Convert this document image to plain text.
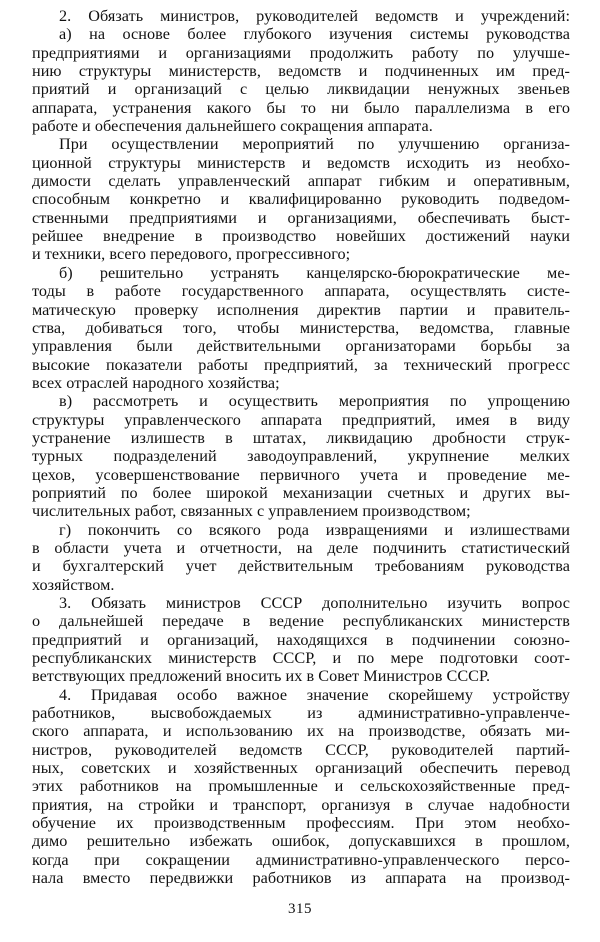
2. Обязать министров, руководителей ведомств и учреждений:
а) на основе более глубокого изучения системы руководства
предприятиями и организациями продолжить работу по улучше-
нию структуры министерств, ведомств и подчиненных им пред-
приятий и организаций с целью ликвидации ненужных звеньев
аппарата, устранения какого бы то ни было параллелизма в его
работе и обеспечения дальнейшего сокращения аппарата.
При осуществлении мероприятий по улучшению организа-
ционной структуры министерств и ведомств исходить из необхо-
димости сделать управленческий аппарат гибким и оперативным,
способным конкретно и квалифицированно руководить подведом-
ственными предприятиями и организациями, обеспечивать быст-
рейшее внедрение в производство новейших достижений науки
и техники, всего передового, прогрессивного;
б) решительно устранять канцелярско-бюрократические ме-
тоды в работе государственного аппарата, осуществлять систе-
матическую проверку исполнения директив партии и правитель-
ства, добиваться того, чтобы министерства, ведомства, главные
управления были действительными организаторами борьбы за
высокие показатели работы предприятий, за технический прогресс
всех отраслей народного хозяйства;
в) рассмотреть и осуществить мероприятия по упрощению
структуры управленческого аппарата предприятий, имея в виду
устранение излишеств в штатах, ликвидацию дробности струк-
турных подразделений заводоуправлений, укрупнение мелких
цехов, усовершенствование первичного учета и проведение ме-
роприятий по более широкой механизации счетных и других вы-
числительных работ, связанных с управлением производством;
г) покончить со всякого рода извращениями и излишествами
в области учета и отчетности, на деле подчинить статистический
и бухгалтерский учет действительным требованиям руководства
хозяйством.
3. Обязать министров СССР дополнительно изучить вопрос
о дальнейшей передаче в ведение республиканских министерств
предприятий и организаций, находящихся в подчинении союзно-
республиканских министерств СССР, и по мере подготовки соот-
ветствующих предложений вносить их в Совет Министров СССР.
4. Придавая особо важное значение скорейшему устройству
работников, высвобождаемых из административно-управленче-
ского аппарата, и использованию их на производстве, обязать ми-
нистров, руководителей ведомств СССР, руководителей партий-
ных, советских и хозяйственных организаций обеспечить перевод
этих работников на промышленные и сельскохозяйственные пред-
приятия, на стройки и транспорт, организуя в случае надобности
обучение их производственным профессиям. При этом необхо-
димо решительно избежать ошибок, допускавшихся в прошлом,
когда при сокращении административно-управленческого персо-
нала вместо передвижки работников из аппарата на производ-
315
